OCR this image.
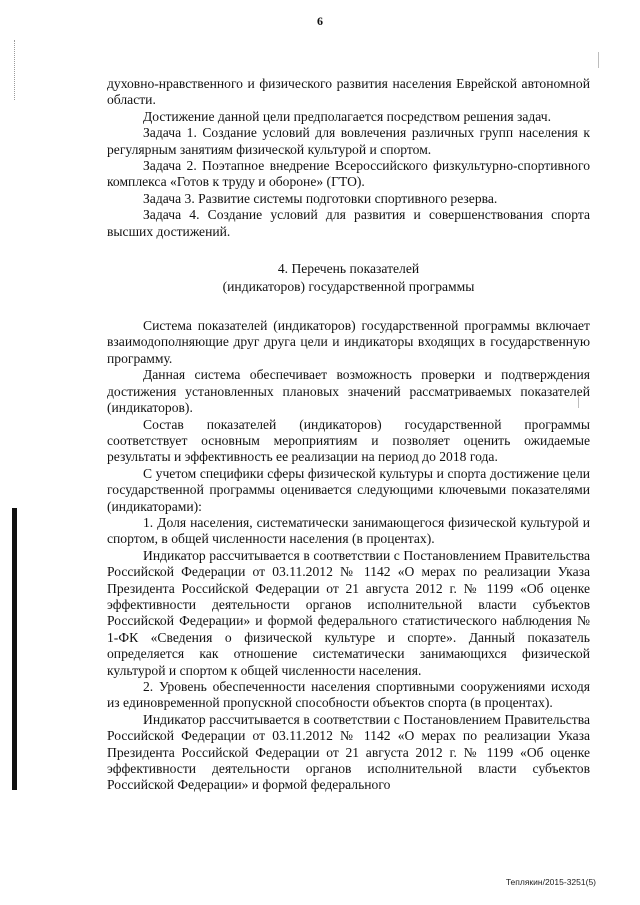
6

духовно-нравственного и физического развития населения Еврейской автономной области.

Достижение данной цели предполагается посредством решения задач.

Задача 1. Создание условий для вовлечения различных групп населения к регулярным занятиям физической культурой и спортом.

Задача 2. Поэтапное внедрение Всероссийского физкультурно-спортивного комплекса «Готов к труду и обороне» (ГТО).

Задача 3. Развитие системы подготовки спортивного резерва.

Задача 4. Создание условий для развития и совершенствования спорта высших достижений.

4. Перечень показателей
(индикаторов) государственной программы

Система показателей (индикаторов) государственной программы включает взаимодополняющие друг друга цели и индикаторы входящих в государственную программу.

Данная система обеспечивает возможность проверки и подтверждения достижения установленных плановых значений рассматриваемых показателей (индикаторов).

Состав показателей (индикаторов) государственной программы соответствует основным мероприятиям и позволяет оценить ожидаемые результаты и эффективность ее реализации на период до 2018 года.

С учетом специфики сферы физической культуры и спорта достижение цели государственной программы оценивается следующими ключевыми показателями (индикаторами):

1. Доля населения, систематически занимающегося физической культурой и спортом, в общей численности населения (в процентах).

Индикатор рассчитывается в соответствии с Постановлением Правительства Российской Федерации от 03.11.2012 № 1142 «О мерах по реализации Указа Президента Российской Федерации от 21 августа 2012 г. № 1199 «Об оценке эффективности деятельности органов исполнительной власти субъектов Российской Федерации» и формой федерального статистического наблюдения № 1-ФК «Сведения о физической культуре и спорте». Данный показатель определяется как отношение систематически занимающихся физической культурой и спортом к общей численности населения.

2. Уровень обеспеченности населения спортивными сооружениями исходя из единовременной пропускной способности объектов спорта (в процентах).

Индикатор рассчитывается в соответствии с Постановлением Правительства Российской Федерации от 03.11.2012 № 1142 «О мерах по реализации Указа Президента Российской Федерации от 21 августа 2012 г. № 1199 «Об оценке эффективности деятельности органов исполнительной власти субъектов Российской Федерации» и формой федерального

Теплякин/2015-3251(5)
